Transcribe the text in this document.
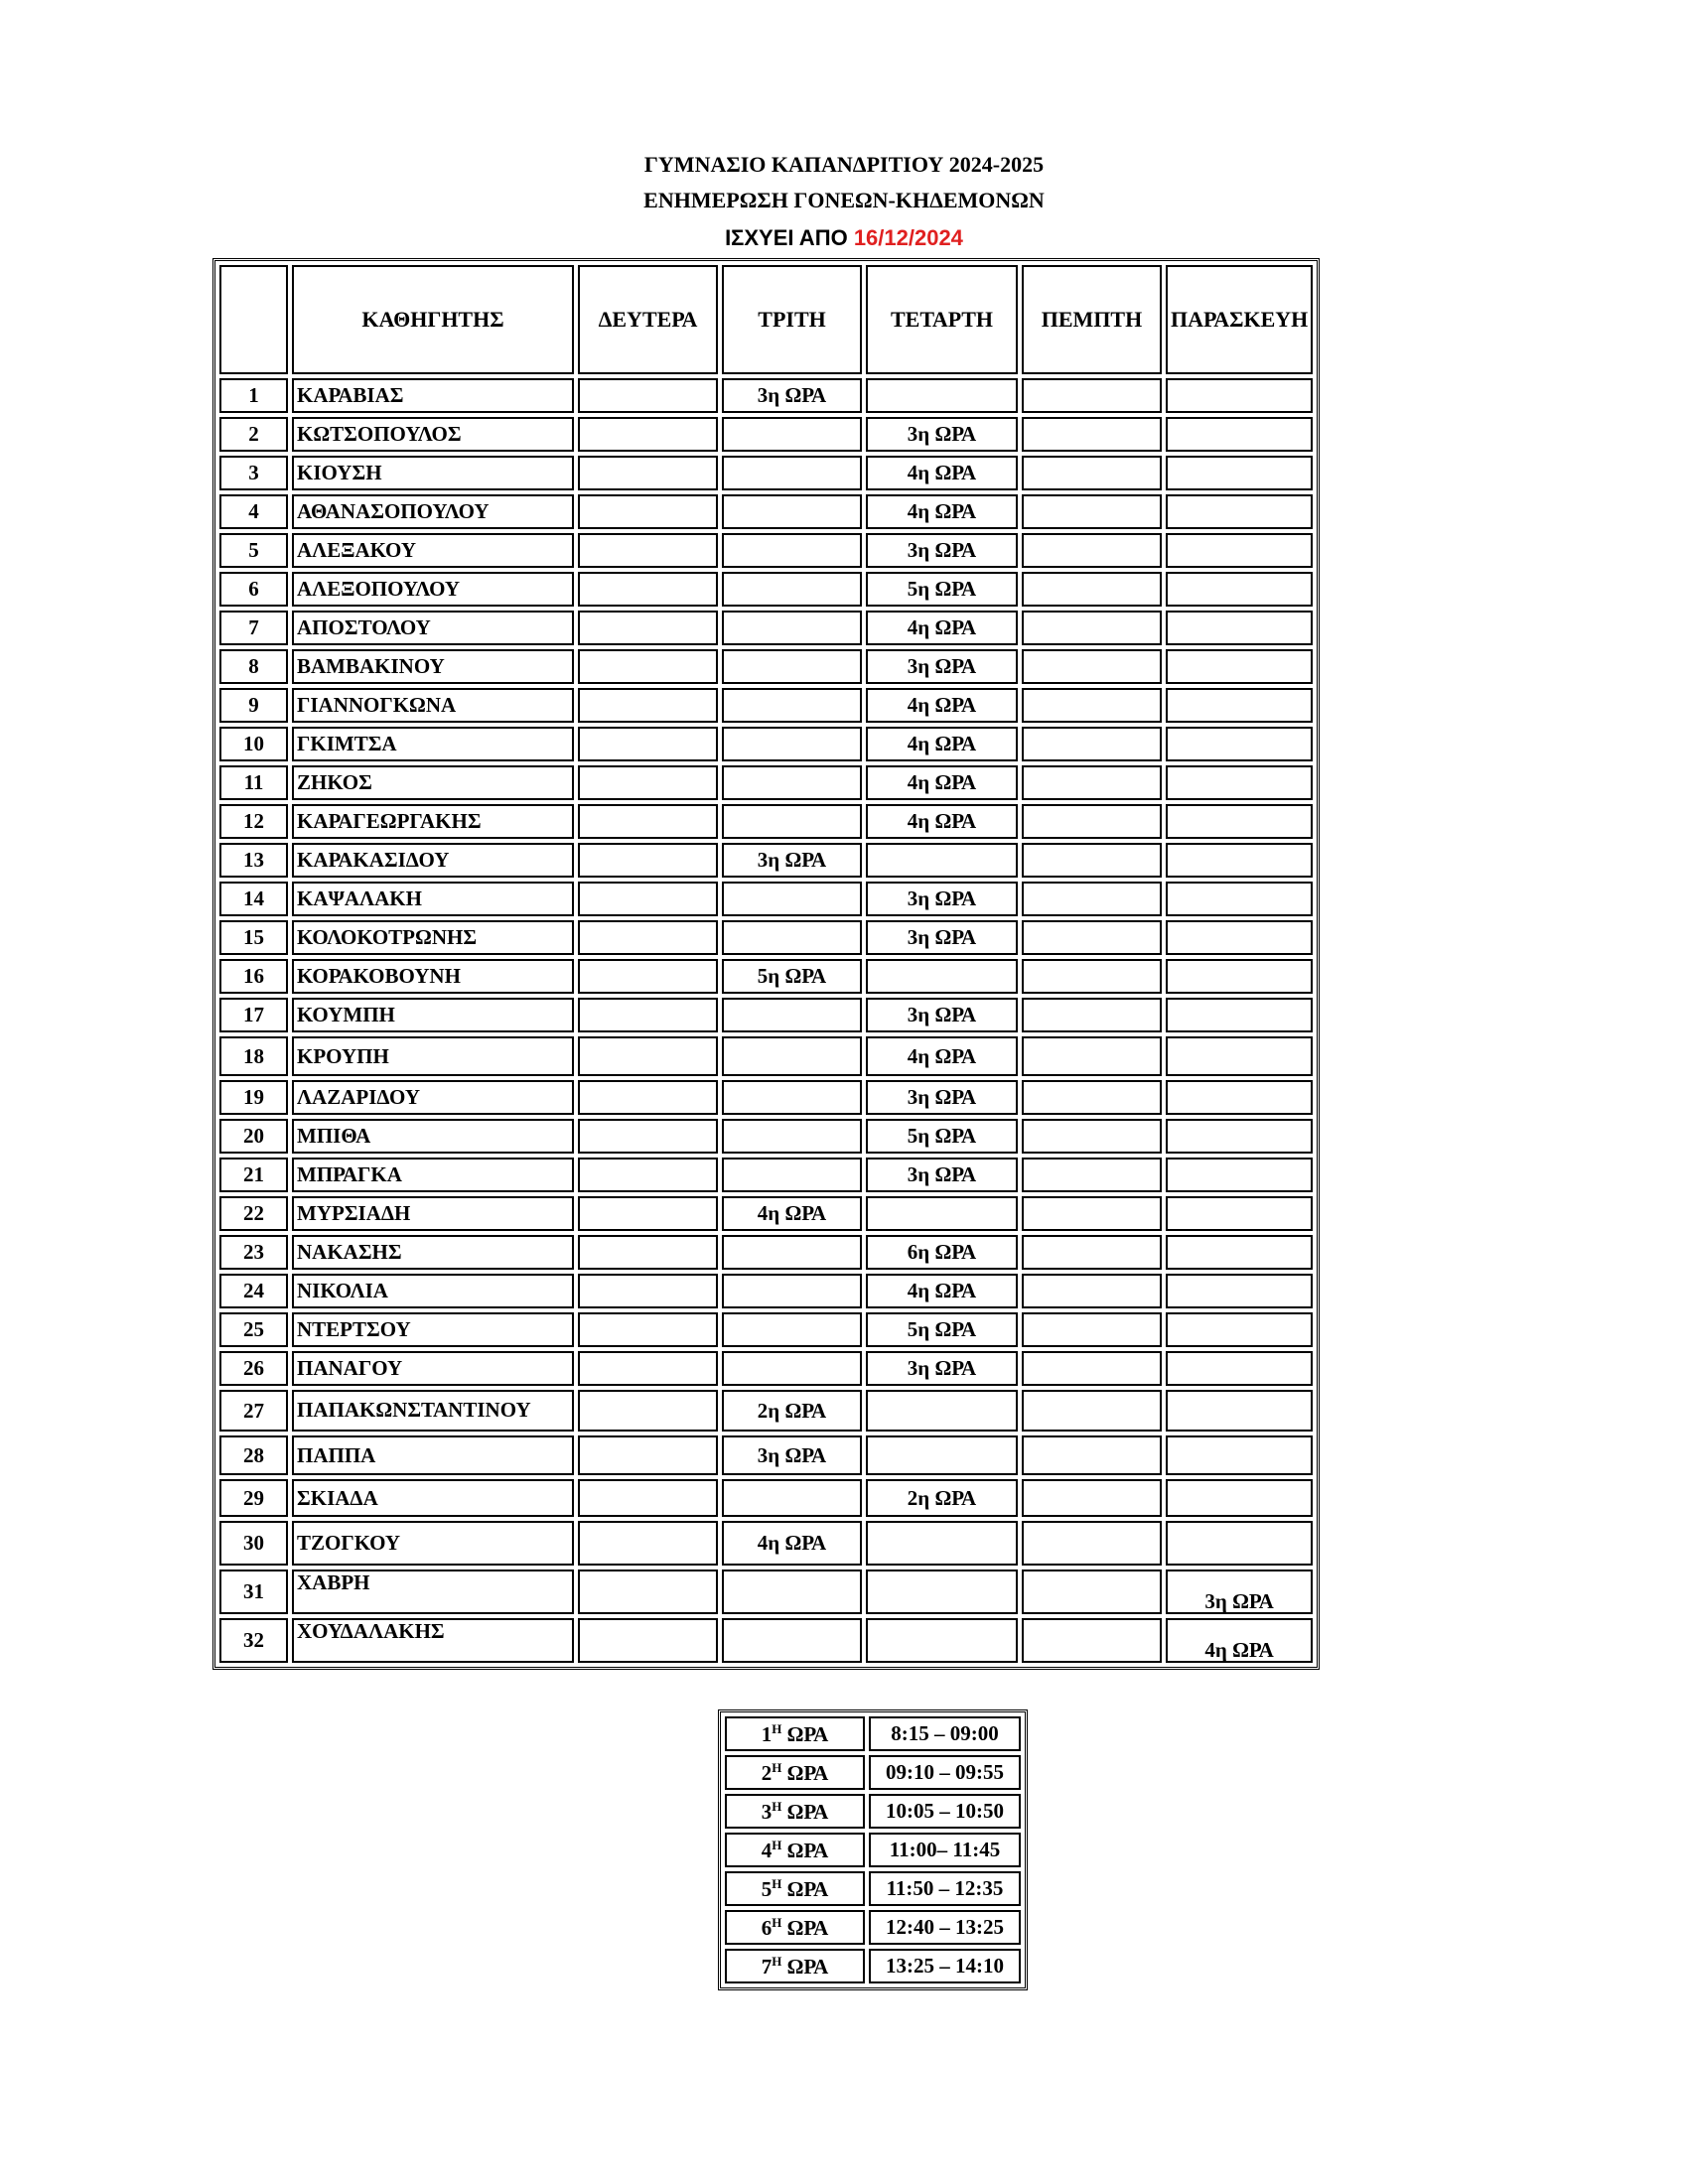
ΓΥΜΝΑΣΙΟ ΚΑΠΑΝΔΡΙΤΙΟΥ 2024-2025
ΕΝΗΜΕΡΩΣΗ ΓΟΝΕΩΝ-ΚΗΔΕΜΟΝΩΝ
ΙΣΧΥΕΙ ΑΠΟ 16/12/2024
	ΚΑΘΗΓΗΤΗΣ	ΔΕΥΤΕΡΑ	ΤΡΙΤΗ	ΤΕΤΑΡΤΗ	ΠΕΜΠΤΗ	ΠΑΡΑΣΚΕΥΗ
1	ΚΑΡΑΒΙΑΣ		3η ΩΡΑ			
2	ΚΩΤΣΟΠΟΥΛΟΣ			3η ΩΡΑ		
3	ΚΙΟΥΣΗ			4η ΩΡΑ		
4	ΑΘΑΝΑΣΟΠΟΥΛΟΥ			4η ΩΡΑ		
5	ΑΛΕΞΑΚΟΥ			3η ΩΡΑ		
6	ΑΛΕΞΟΠΟΥΛΟΥ			5η ΩΡΑ		
7	ΑΠΟΣΤΟΛΟΥ			4η ΩΡΑ		
8	ΒΑΜΒΑΚΙΝΟΥ			3η ΩΡΑ		
9	ΓΙΑΝΝΟΓΚΩΝΑ			4η ΩΡΑ		
10	ΓΚΙΜΤΣΑ			4η ΩΡΑ		
11	ΖΗΚΟΣ			4η ΩΡΑ		
12	ΚΑΡΑΓΕΩΡΓΑΚΗΣ			4η ΩΡΑ		
13	ΚΑΡΑΚΑΣΙΔΟΥ		3η ΩΡΑ			
14	ΚΑΨΑΛΑΚΗ			3η ΩΡΑ		
15	ΚΟΛΟΚΟΤΡΩΝΗΣ			3η ΩΡΑ		
16	ΚΟΡΑΚΟΒΟΥΝΗ		5η ΩΡΑ			
17	ΚΟΥΜΠΗ			3η ΩΡΑ		
18	ΚΡΟΥΠΗ			4η ΩΡΑ		
19	ΛΑΖΑΡΙΔΟΥ			3η ΩΡΑ		
20	ΜΠΙΘΑ			5η ΩΡΑ		
21	ΜΠΡΑΓΚΑ			3η ΩΡΑ		
22	ΜΥΡΣΙΑΔΗ		4η ΩΡΑ			
23	ΝΑΚΑΣΗΣ			6η ΩΡΑ		
24	ΝΙΚΟΛΙΑ			4η ΩΡΑ		
25	ΝΤΕΡΤΣΟΥ			5η ΩΡΑ		
26	ΠΑΝΑΓΟΥ			3η ΩΡΑ		
27	ΠΑΠΑΚΩΝΣΤΑΝΤΙΝΟΥ		2η ΩΡΑ			
28	ΠΑΠΠΑ		3η ΩΡΑ			
29	ΣΚΙΑΔΑ			2η ΩΡΑ		
30	ΤΖΟΓΚΟΥ		4η ΩΡΑ			
31	ΧΑΒΡΗ					3η ΩΡΑ
32	ΧΟΥΔΑΛΑΚΗΣ					4η ΩΡΑ
$1^H$ ΩΡΑ	8:15 – 09:00
$2^H$ ΩΡΑ	09:10 – 09:55
$3^H$ ΩΡΑ	10:05 – 10:50
$4^H$ ΩΡΑ	11:00– 11:45
$5^H$ ΩΡΑ	11:50 – 12:35
$6^H$ ΩΡΑ	12:40 – 13:25
$7^H$ ΩΡΑ	13:25 – 14:10
